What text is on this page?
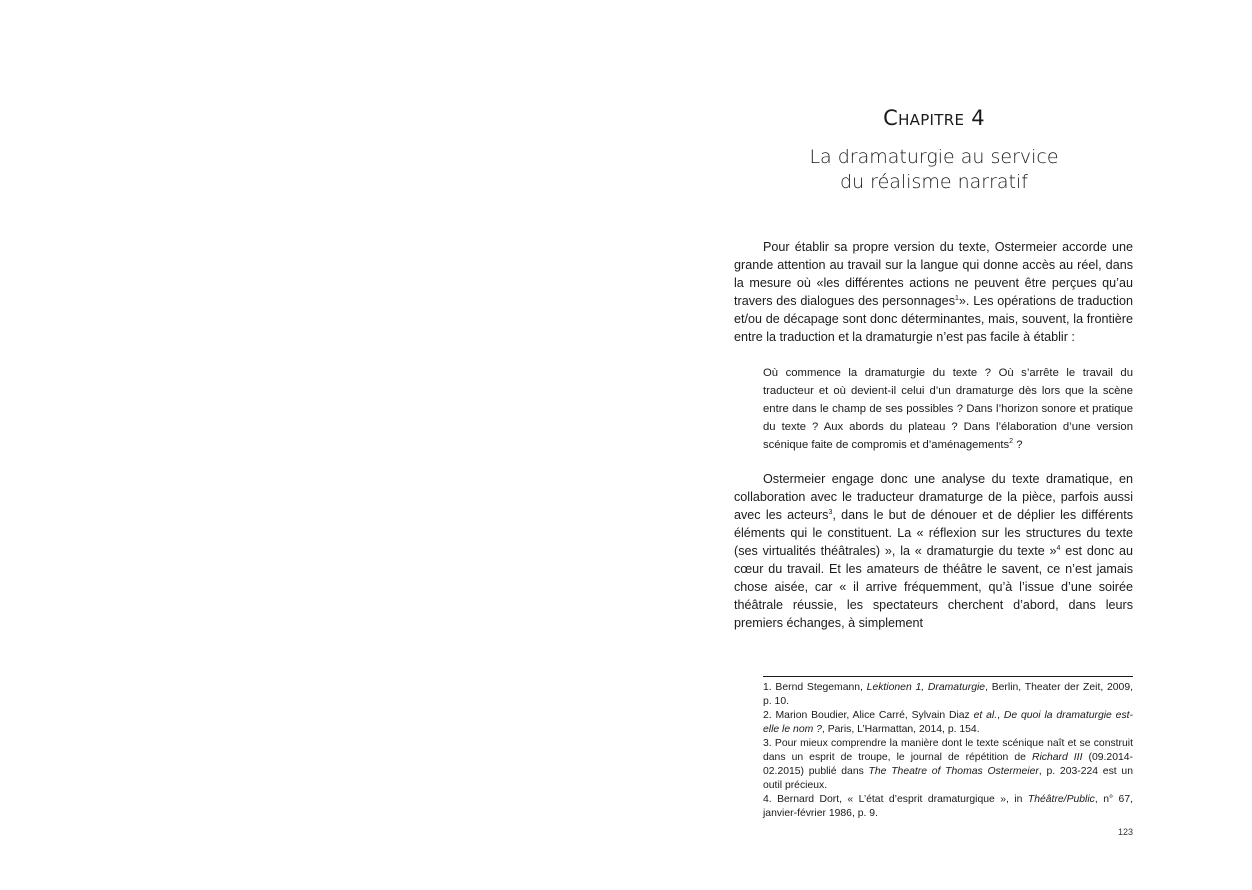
Chapitre 4
La dramaturgie au service
du réalisme narratif

Pour établir sa propre version du texte, Ostermeier accorde une grande attention au travail sur la langue qui donne accès au réel, dans la mesure où «les différentes actions ne peuvent être perçues qu’au travers des dialogues des personnages$^1$». Les opérations de traduction et/ou de décapage sont donc déterminantes, mais, souvent, la frontière entre la traduction et la dramaturgie n’est pas facile à établir :

Où commence la dramaturgie du texte ? Où s’arrête le travail du traducteur et où devient-il celui d’un dramaturge dès lors que la scène entre dans le champ de ses possibles ? Dans l’horizon sonore et pratique du texte ? Aux abords du plateau ? Dans l’élaboration d’une version scénique faite de compromis et d’aménagements$^2$ ?

Ostermeier engage donc une analyse du texte dramatique, en collaboration avec le traducteur dramaturge de la pièce, parfois aussi avec les acteurs$^3$, dans le but de dénouer et de déplier les différents éléments qui le constituent. La « réflexion sur les structures du texte (ses virtualités théâtrales) », la « dramaturgie du texte »$^4$ est donc au cœur du travail. Et les amateurs de théâtre le savent, ce n’est jamais chose aisée, car « il arrive fréquemment, qu’à l’issue d’une soirée théâtrale réussie, les spectateurs cherchent d’abord, dans leurs premiers échanges, à simplement

1. Bernd Stegemann, Lektionen 1, Dramaturgie, Berlin, Theater der Zeit, 2009, p. 10.
2. Marion Boudier, Alice Carré, Sylvain Diaz et al., De quoi la dramaturgie est-elle le nom ?, Paris, L’Harmattan, 2014, p. 154.
3. Pour mieux comprendre la manière dont le texte scénique naît et se construit dans un esprit de troupe, le journal de répétition de Richard III (09.2014-02.2015) publié dans The Theatre of Thomas Ostermeier, p. 203-224 est un outil précieux.
4. Bernard Dort, « L’état d’esprit dramaturgique », in Théâtre/Public, n° 67, janvier-février 1986, p. 9.
123
